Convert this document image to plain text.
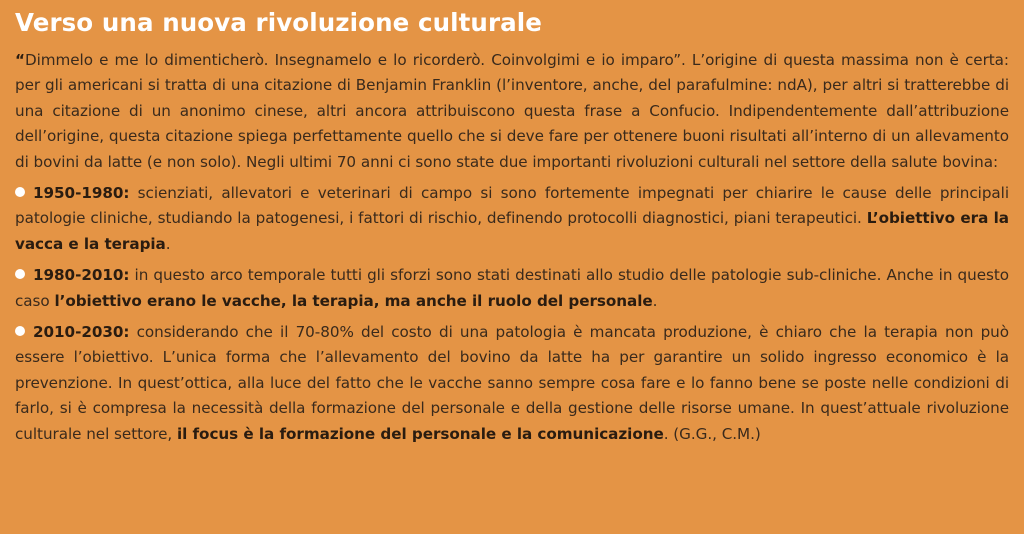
Verso una nuova rivoluzione culturale

“Dimmelo e me lo dimenticherò. Insegnamelo e lo ricorderò. Coinvolgimi e io imparo”. L’origine di questa massima non è certa: per gli americani si tratta di una citazione di Benjamin Franklin (l’inventore, anche, del parafulmine: ndA), per altri si tratterebbe di una citazione di un anonimo cinese, altri ancora attribuiscono questa frase a Confucio. Indipendentemente dall’attribuzione dell’origine, questa citazione spiega perfettamente quello che si deve fare per ottenere buoni risultati all’interno di un allevamento di bovini da latte (e non solo). Negli ultimi 70 anni ci sono state due importanti rivoluzioni culturali nel settore della salute bovina:

1950-1980: scienziati, allevatori e veterinari di campo si sono fortemente impegnati per chiarire le cause delle principali patologie cliniche, studiando la patogenesi, i fattori di rischio, definendo protocolli diagnostici, piani terapeutici. L’obiettivo era la vacca e la terapia.
1980-2010: in questo arco temporale tutti gli sforzi sono stati destinati allo studio delle patologie sub-cliniche. Anche in questo caso l’obiettivo erano le vacche, la terapia, ma anche il ruolo del personale.
2010-2030: considerando che il 70-80% del costo di una patologia è mancata produzione, è chiaro che la terapia non può essere l’obiettivo. L’unica forma che l’allevamento del bovino da latte ha per garantire un solido ingresso economico è la prevenzione. In quest’ottica, alla luce del fatto che le vacche sanno sempre cosa fare e lo fanno bene se poste nelle condizioni di farlo, si è compresa la necessità della formazione del personale e della gestione delle risorse umane. In quest’attuale rivoluzione culturale nel settore, il focus è la formazione del personale e la comunicazione. (G.G., C.M.)
